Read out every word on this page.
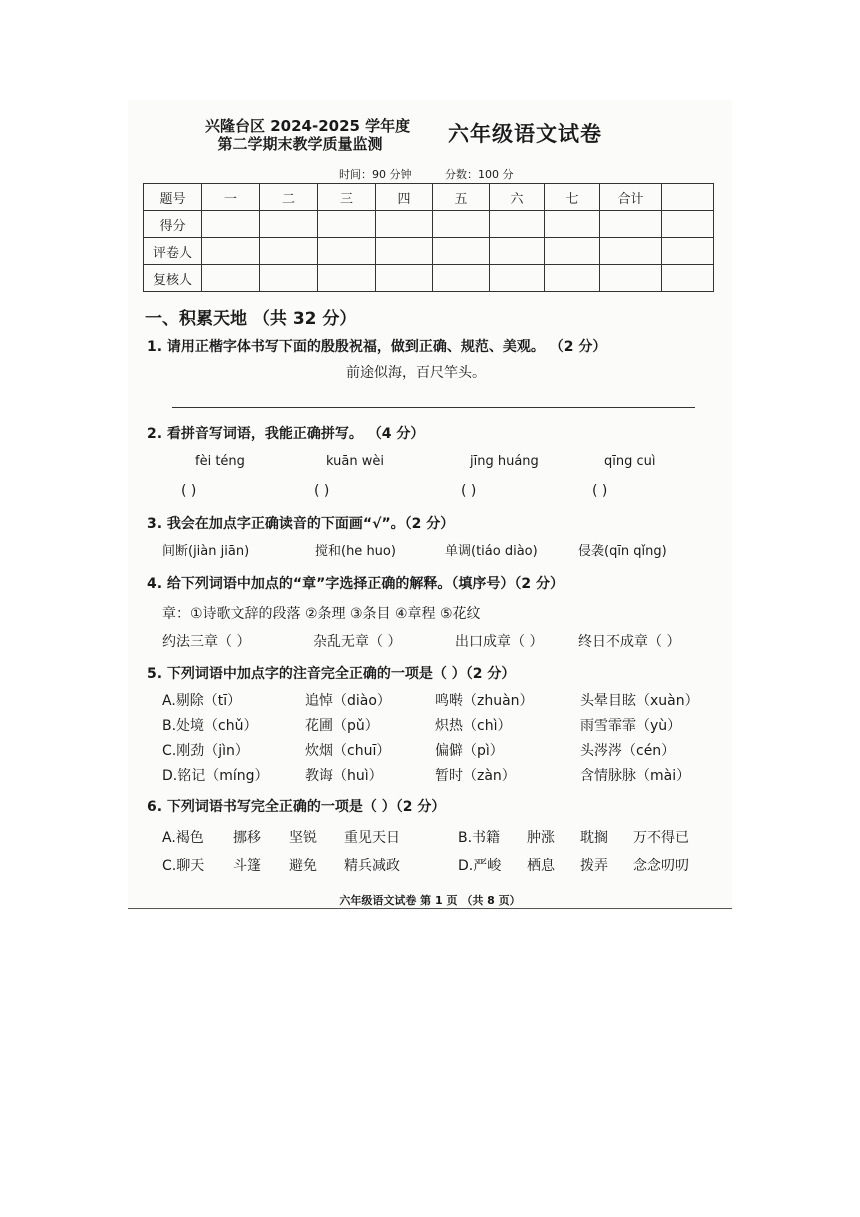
兴隆台区 2024-2025 学年度
第二学期末教学质量监测	六年级语文试卷
时间：90 分钟	分数：100 分
题号	一	二	三	四	五	六	七	合计	
得分									
评卷人									
复核人									
一、积累天地 （共 32 分）
1. 请用正楷字体书写下面的殷殷祝福，做到正确、规范、美观。 （2 分）
前途似海，百尺竿头。
2. 看拼音写词语，我能正确拼写。 （4 分）
fèi téng	kuān wèi	jīng huáng	qīng cuì
( )	( )	( )	( )
3. 我会在加点字正确读音的下面画“√”。（2 分）
间断(jiàn jiān)	搅和(he huo)	单调(tiáo diào)	侵袭(qīn qǐng)
4. 给下列词语中加点的“章”字选择正确的解释。（填序号）（2 分）
章：①诗歌文辞的段落 ②条理 ③条目 ④章程 ⑤花纹
约法三章（ ）	杂乱无章（ ）	出口成章（ ） 终日不成章（ ）
5. 下列词语中加点字的注音完全正确的一项是（ ）（2 分）
A.剔除（tī）	追悼（diào）	鸣啭（zhuàn）	头晕目眩（xuàn）
B.处境（chǔ）	花圃（pǔ）	炽热（chì）	雨雪霏霏（yù）
C.刚劲（jìn）	炊烟（chuī）	偏僻（pì）	头涔涔（cén）
D.铭记（míng）	教诲（huì）	暂时（zàn）	含情脉脉（mài）
6. 下列词语书写完全正确的一项是（ ）（2 分）
A.褐色 挪移 坚锐 重见天日	B.书籍 肿涨 耽搁 万不得已
C.聊天 斗篷 避免 精兵减政	D.严峻 栖息 拨弄 念念叨叨
六年级语文试卷 第 1 页 （共 8 页）
